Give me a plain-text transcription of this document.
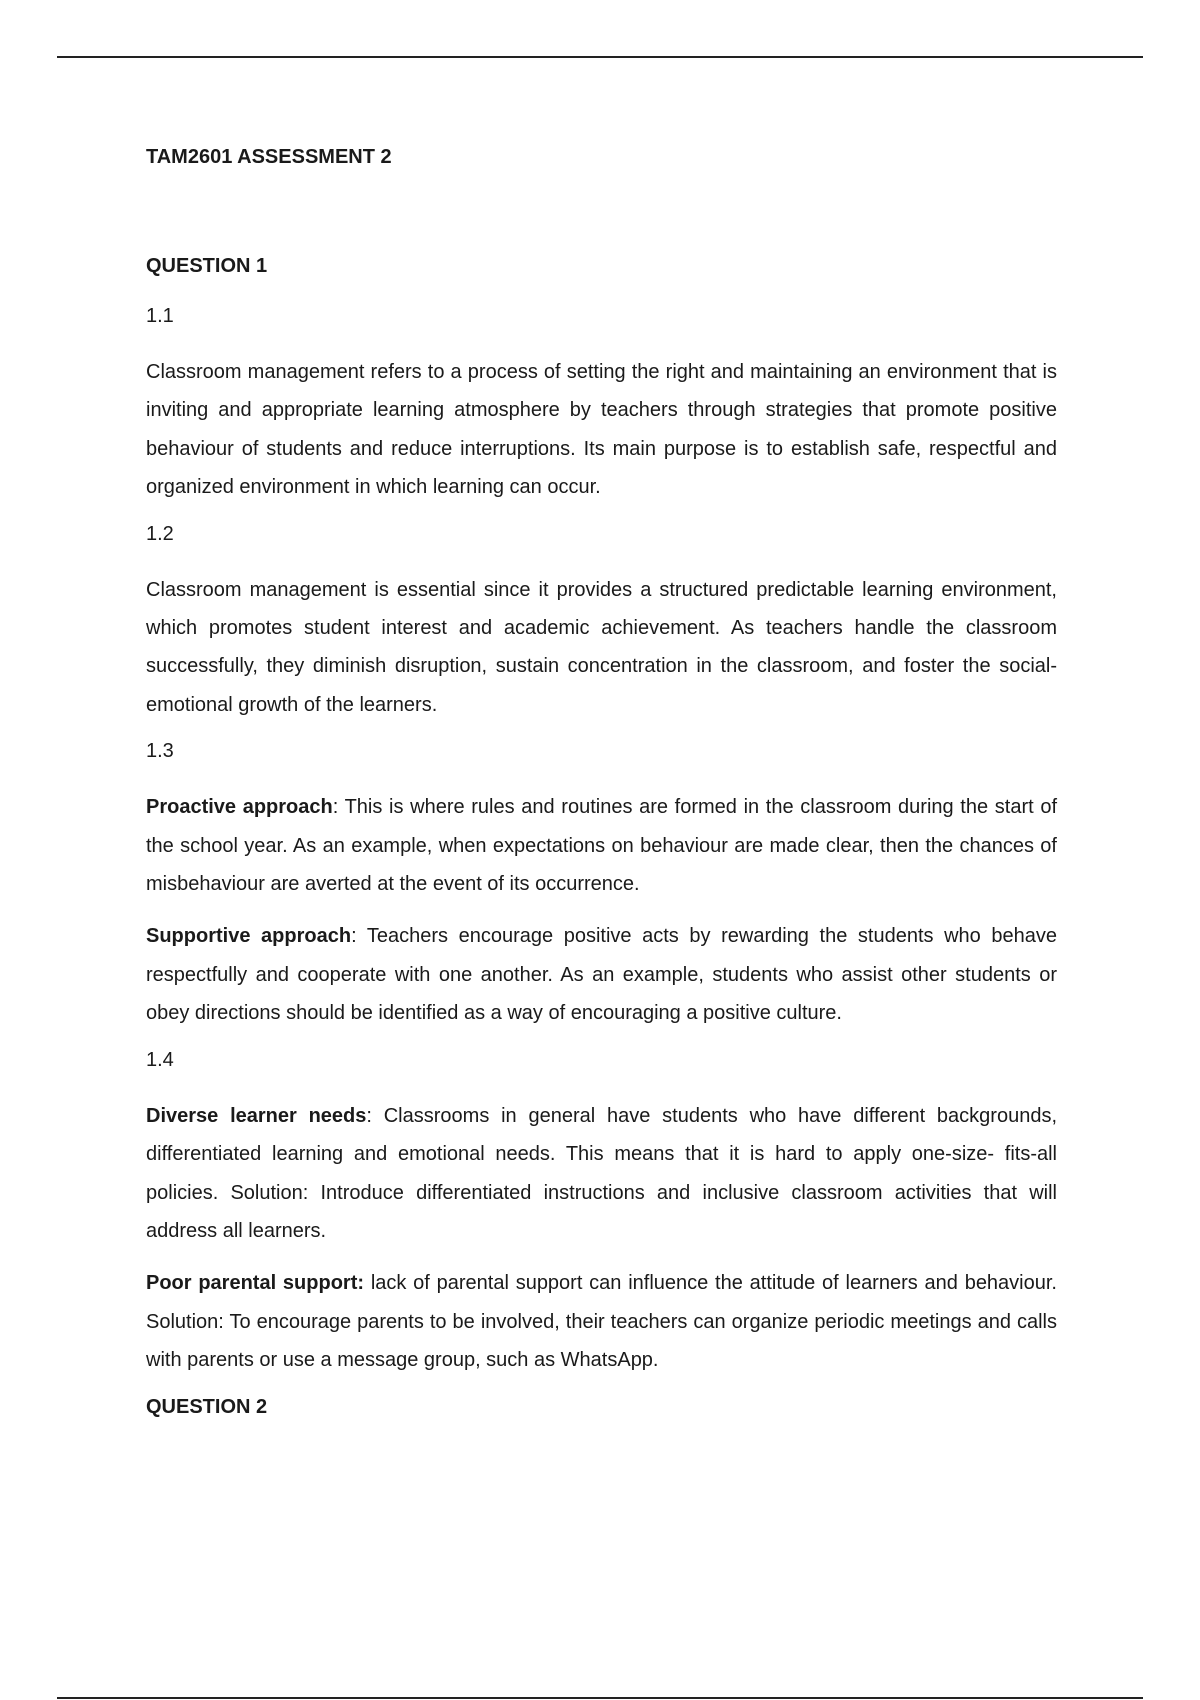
TAM2601 ASSESSMENT 2

QUESTION 1

1.1

Classroom management refers to a process of setting the right and maintaining an environment that is inviting and appropriate learning atmosphere by teachers through strategies that promote positive behaviour of students and reduce interruptions. Its main purpose is to establish safe, respectful and organized environment in which learning can occur.

1.2

Classroom management is essential since it provides a structured predictable learning environment, which promotes student interest and academic achievement. As teachers handle the classroom successfully, they diminish disruption, sustain concentration in the classroom, and foster the social-emotional growth of the learners.

1.3

Proactive approach: This is where rules and routines are formed in the classroom during the start of the school year. As an example, when expectations on behaviour are made clear, then the chances of misbehaviour are averted at the event of its occurrence.

Supportive approach: Teachers encourage positive acts by rewarding the students who behave respectfully and cooperate with one another. As an example, students who assist other students or obey directions should be identified as a way of encouraging a positive culture.

1.4

Diverse learner needs: Classrooms in general have students who have different backgrounds, differentiated learning and emotional needs. This means that it is hard to apply one-size- fits-all policies. Solution: Introduce differentiated instructions and inclusive classroom activities that will address all learners.

Poor parental support: lack of parental support can influence the attitude of learners and behaviour. Solution: To encourage parents to be involved, their teachers can organize periodic meetings and calls with parents or use a message group, such as WhatsApp.

QUESTION 2
